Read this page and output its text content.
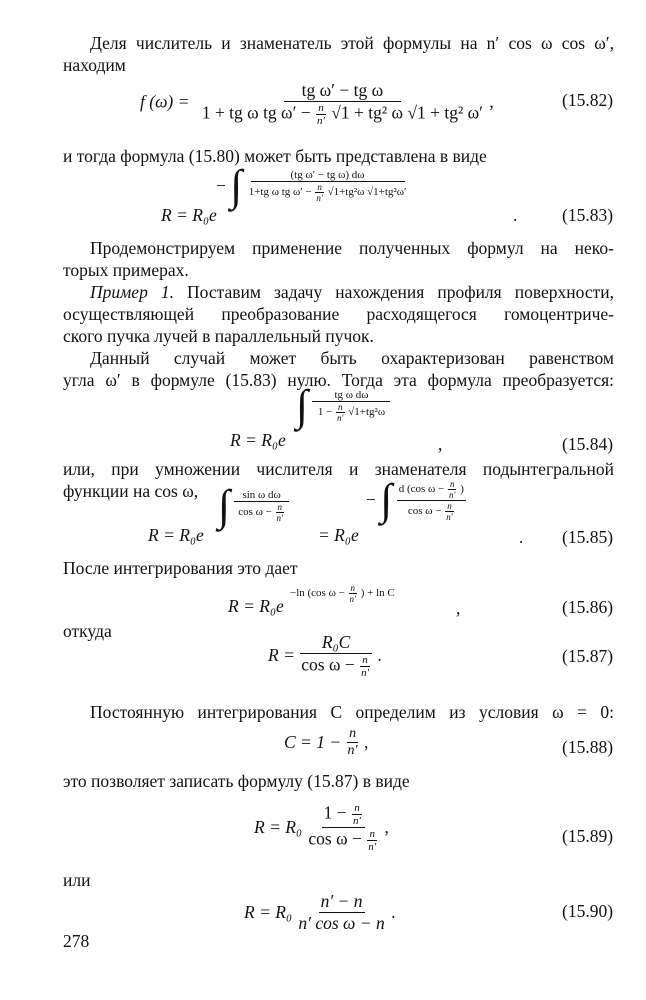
Деля числитель и знаменатель этой формулы на n′ cos ω cos ω′,
находим
f $(\omega) = \frac{\text{tg ω′ − tg ω}}{1 + tg \omega tg \omega' - \frac{n}{n'} √1 + tg^2 \omega √1 + tg^2 \omega'}$ ,	(15.82)
и тогда формула (15.80) может быть представлена в виде
R = R₀e
− ∫ $\frac{\text{(tg ω′ − tg ω) dω}}{1+tg \omega tg \omega' - \frac{n}{n'} √1+tg^2\omega √1+tg^2\omega'}$
.	(15.83)
Продемонстрируем применение полученных формул на неко-
торых примерах.
Пример 1. Поставим задачу нахождения профиля поверхности,
осуществляющей преобразование расходящегося гомоцентриче-
ского пучка лучей в параллельный пучок.
Данный случай может быть охарактеризован равенством
угла ω′ в формуле (15.83) нулю. Тогда эта формула преобразуется:
R = R₀e
∫ $\frac{\text{tg ω dω}}{1 - \frac{n}{n'} √1+tg^2\omega}$
,	(15.84)
или, при умножении числителя и знаменателя подынтегральной
функции на cos ω,
R = R₀e
∫ $\frac{\text{sin ω dω}}{\cos \omega - \frac{n}{n'}}$
= R₀e
− ∫ $\frac{d (\cos \omega - \frac{n}{n'} )}{\cos \omega - \frac{n}{n'}}$
. (15.85)
После интегрирования это дает
R = R₀e
−ln (cos $\omega - \frac{n}{n'}$ ) + ln C
,	(15.86)
откуда
$R = \frac{\text{R₀C}}{\cos \omega - \frac{n}{n'}}$ .	(15.87)
Постоянную интегрирования C определим из условия ω = 0:
$C = 1 - \frac{n}{n'}$ ,	(15.88)
это позволяет записать формулу (15.87) в виде
$R = R_0 \frac{1 - \frac{n}{n'}}{\cos \omega - \frac{n}{n'}}$ ,	(15.89)
или
$R = R_0 \frac{n' - n}{\text{n′ cos ω − n}}$ .	(15.90)
278
